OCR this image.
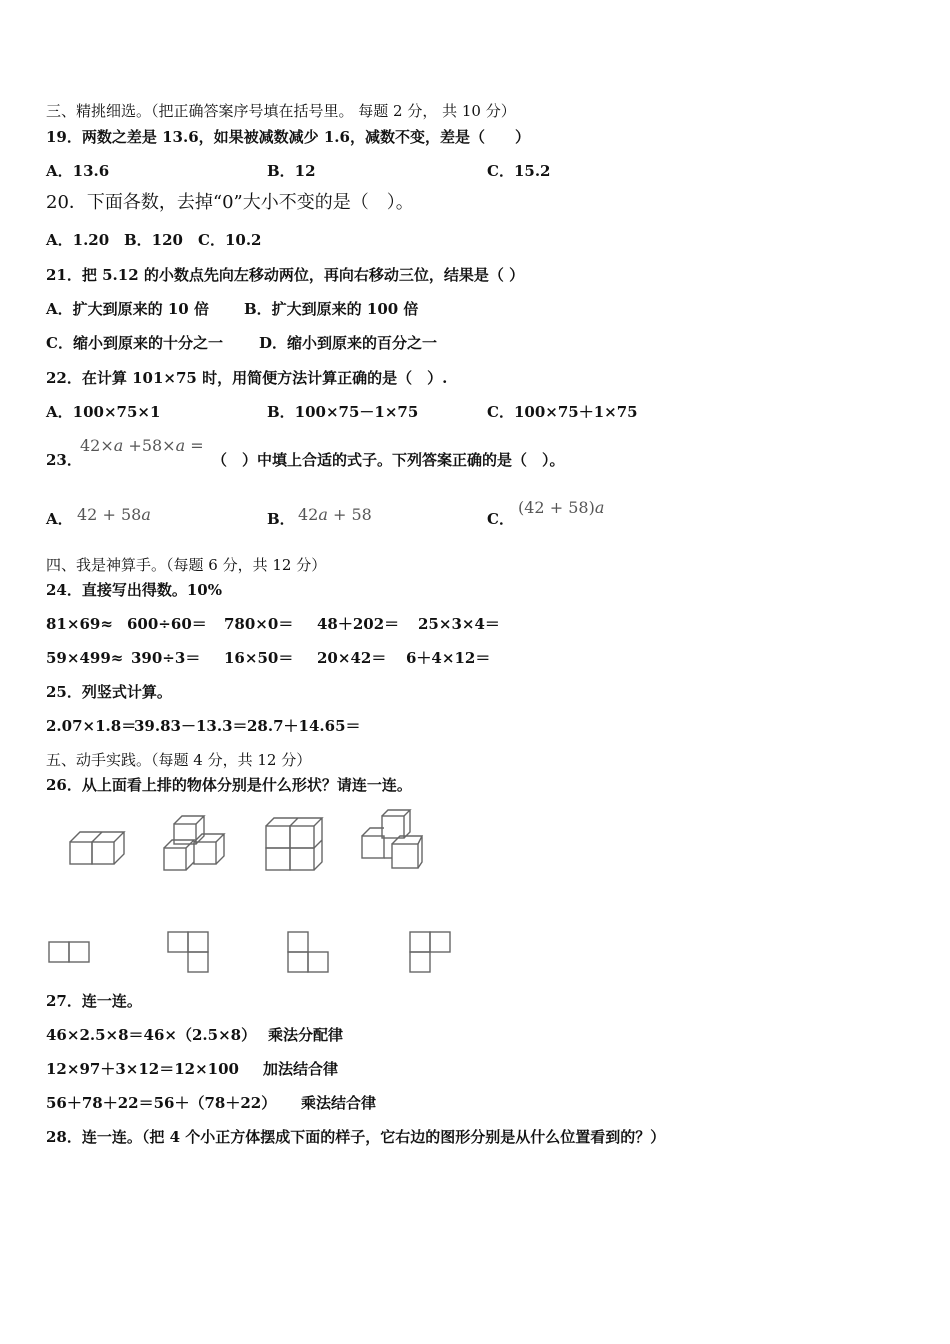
三、精挑细选。（把正确答案序号填在括号里。 每题 2 分， 共 10 分）
19．两数之差是 13.6，如果被减数减少 1.6，减数不变，差是（　　）
A．13.6	B．12	C．15.2
20．下面各数，去掉“0”大小不变的是（　）。
A．1.20 B．120 C．10.2
21．把 5.12 的小数点先向左移动两位，再向右移动三位，结果是（ ）
A．扩大到原来的 10 倍 B．扩大到原来的 100 倍
C．缩小到原来的十分之一 D．缩小到原来的百分之一
22．在计算 101×75 时，用简便方法计算正确的是（　）.
A．100×75×1	B．100×75－1×75	C．100×75＋1×75
23．
42×a +58×a =
（　）中填上合适的式子。下列答案正确的是（　）。
A． 42 + 58a	B． 42a + 58	C．
(42 + 58)a
四、我是神算手。（每题 6 分，共 12 分）
24．直接写出得数。10%
81×69≈ 600÷60＝ 780×0＝ 48＋202＝ 25×3×4＝
59×499≈ 390÷3＝ 16×50＝ 20×42＝ 6＋4×12＝
25．列竖式计算。
2.07×1.8＝
39.83－13.3＝ 28.7＋14.65＝
五、动手实践。（每题 4 分，共 12 分）
26．从上面看上排的物体分别是什么形状？请连一连。
27．连一连。
46×2.5×8＝46×（2.5×8） 乘法分配律
12×97＋3×12＝12×100 加法结合律
56＋78＋22＝56＋（78＋22） 乘法结合律
28．连一连。（把 4 个小正方体摆成下面的样子，它右边的图形分别是从什么位置看到的？）
